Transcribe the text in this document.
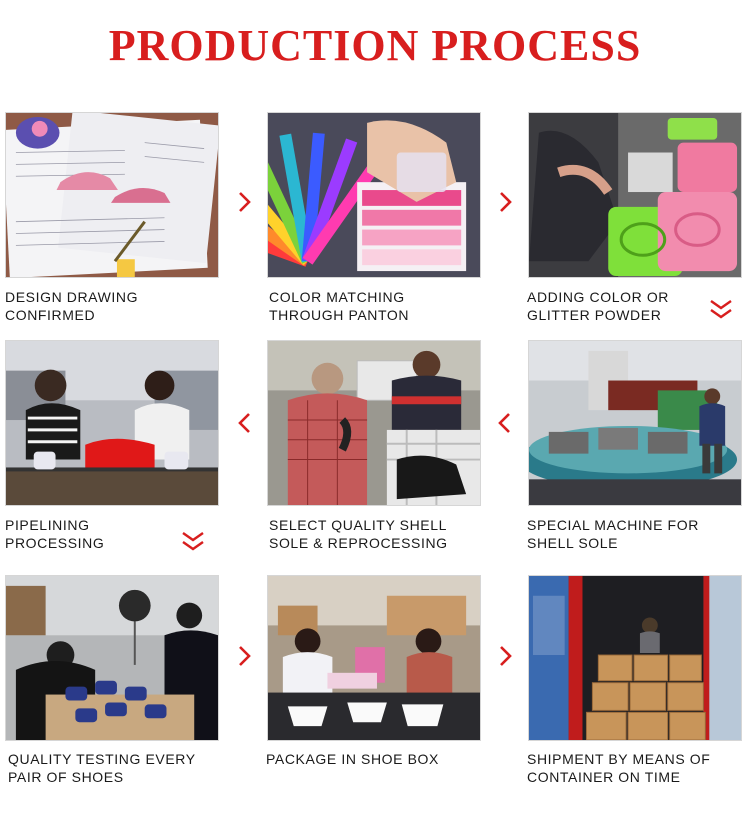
PRODUCTION PROCESS

DESIGN DRAWING
CONFIRMED

COLOR MATCHING
THROUGH PANTON

ADDING COLOR OR
GLITTER POWDER

PIPELINING
PROCESSING

SELECT QUALITY SHELL
SOLE & REPROCESSING

SPECIAL MACHINE FOR
SHELL SOLE

QUALITY TESTING EVERY
PAIR OF SHOES

PACKAGE IN SHOE BOX	SHIPMENT BY MEANS OF
CONTAINER ON TIME
